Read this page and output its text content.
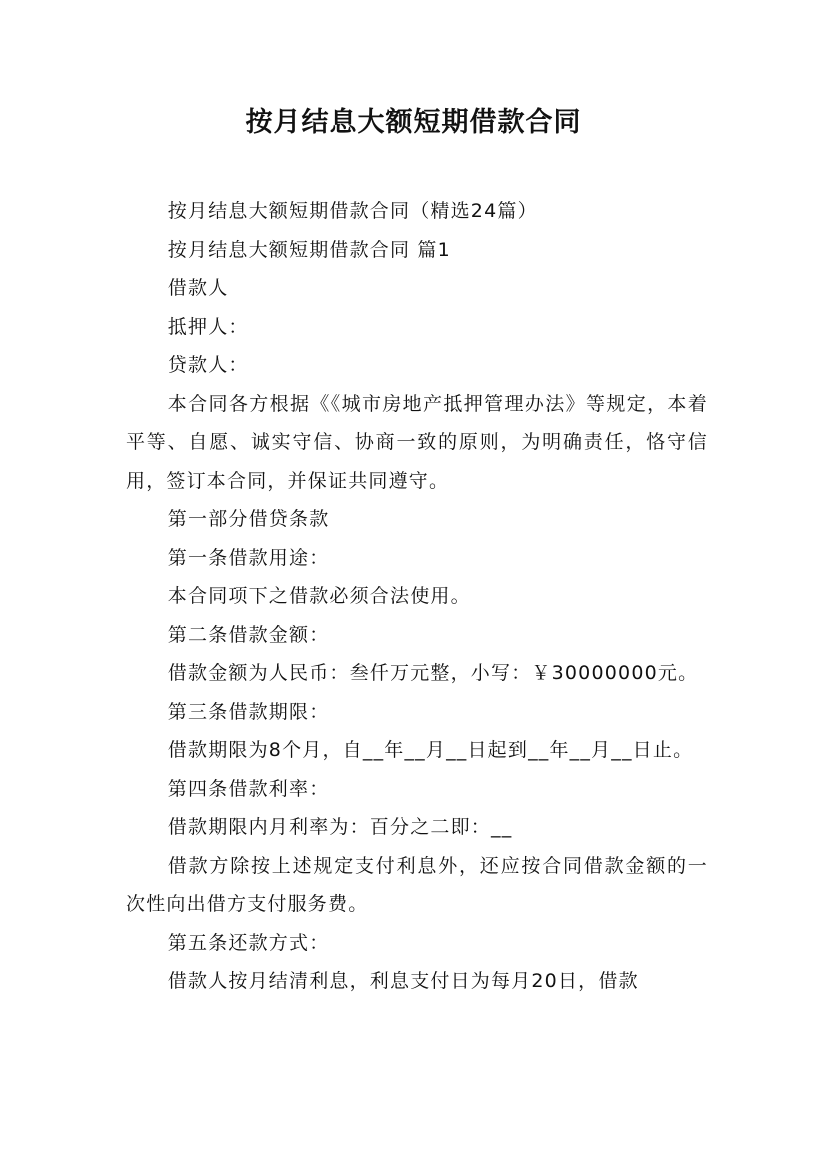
按月结息大额短期借款合同

按月结息大额短期借款合同（精选24篇）

按月结息大额短期借款合同 篇1

借款人

抵押人：

贷款人：

本合同各方根据《《城市房地产抵押管理办法》等规定，本着平等、自愿、诚实守信、协商一致的原则，为明确责任，恪守信用，签订本合同，并保证共同遵守。

第一部分借贷条款

第一条借款用途：

本合同项下之借款必须合法使用。

第二条借款金额：

借款金额为人民币：叁仟万元整，小写：￥30000000元。

第三条借款期限：

借款期限为8个月，自__年__月__日起到__年__月__日止。

第四条借款利率：

借款期限内月利率为：百分之二即：__

借款方除按上述规定支付利息外，还应按合同借款金额的一次性向出借方支付服务费。

第五条还款方式：

借款人按月结清利息，利息支付日为每月20日，借款
